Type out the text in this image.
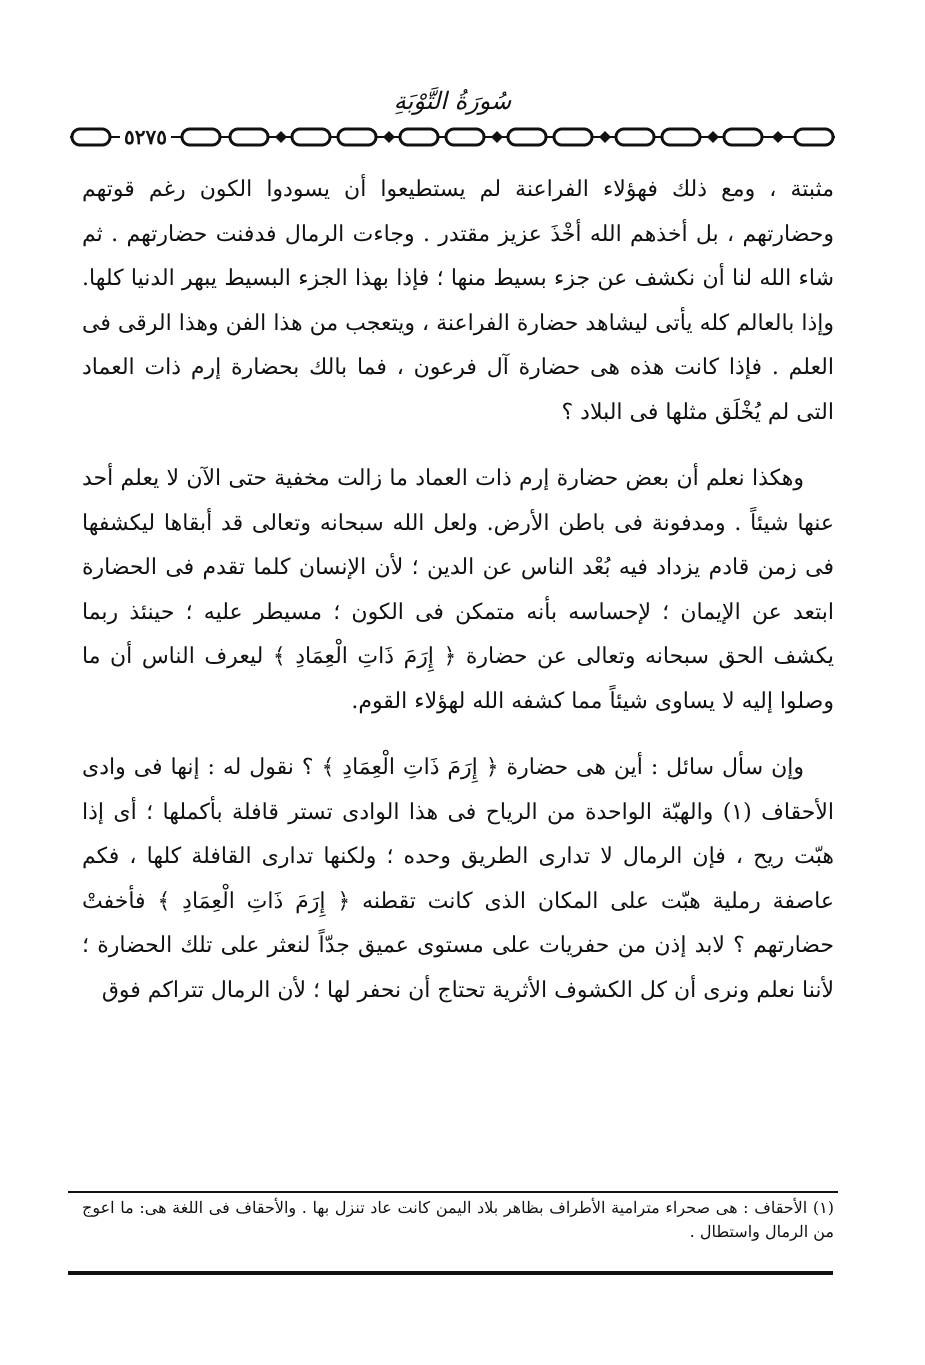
سُورَةُ التَّوْبَةِ
٥٢٧٥

مثبتة ، ومع ذلك فهؤلاء الفراعنة لم يستطيعوا أن يسودوا الكون رغم قوتهم وحضارتهم ، بل أخذهم الله أخْذَ عزيز مقتدر . وجاءت الرمال فدفنت حضارتهم . ثم شاء الله لنا أن نكشف عن جزء بسيط منها ؛ فإذا بهذا الجزء البسيط يبهر الدنيا كلها. وإذا بالعالم كله يأتى ليشاهد حضارة الفراعنة ، ويتعجب من هذا الفن وهذا الرقى فى العلم . فإذا كانت هذه هى حضارة آل فرعون ، فما بالك بحضارة إرم ذات العماد التى لم يُخْلَق مثلها فى البلاد ؟

وهكذا نعلم أن بعض حضارة إرم ذات العماد ما زالت مخفية حتى الآن لا يعلم أحد عنها شيئاً . ومدفونة فى باطن الأرض. ولعل الله سبحانه وتعالى قد أبقاها ليكشفها فى زمن قادم يزداد فيه بُعْد الناس عن الدين ؛ لأن الإنسان كلما تقدم فى الحضارة ابتعد عن الإيمان ؛ لإحساسه بأنه متمكن فى الكون ؛ مسيطر عليه ؛ حينئذ ربما يكشف الحق سبحانه وتعالى عن حضارة ﴿ إِرَمَ ذَاتِ الْعِمَادِ ﴾ ليعرف الناس أن ما وصلوا إليه لا يساوى شيئاً مما كشفه الله لهؤلاء القوم.

وإن سأل سائل : أين هى حضارة ﴿ إِرَمَ ذَاتِ الْعِمَادِ ﴾ ؟ نقول له : إنها فى وادى الأحقاف (١) والهبّة الواحدة من الرياح فى هذا الوادى تستر قافلة بأكملها ؛ أى إذا هبّت ريح ، فإن الرمال لا تدارى الطريق وحده ؛ ولكنها تدارى القافلة كلها ، فكم عاصفة رملية هبّت على المكان الذى كانت تقطنه ﴿ إِرَمَ ذَاتِ الْعِمَادِ ﴾ فأخفتْ حضارتهم ؟ لابد إذن من حفريات على مستوى عميق جدّاً لنعثر على تلك الحضارة ؛ لأننا نعلم ونرى أن كل الكشوف الأثرية تحتاج أن نحفر لها ؛ لأن الرمال تتراكم فوق

(١) الأحقاف : هى صحراء مترامية الأطراف بظاهر بلاد اليمن كانت عاد تنزل بها . والأحقاف فى اللغة هى: ما اعوج من الرمال واستطال .
